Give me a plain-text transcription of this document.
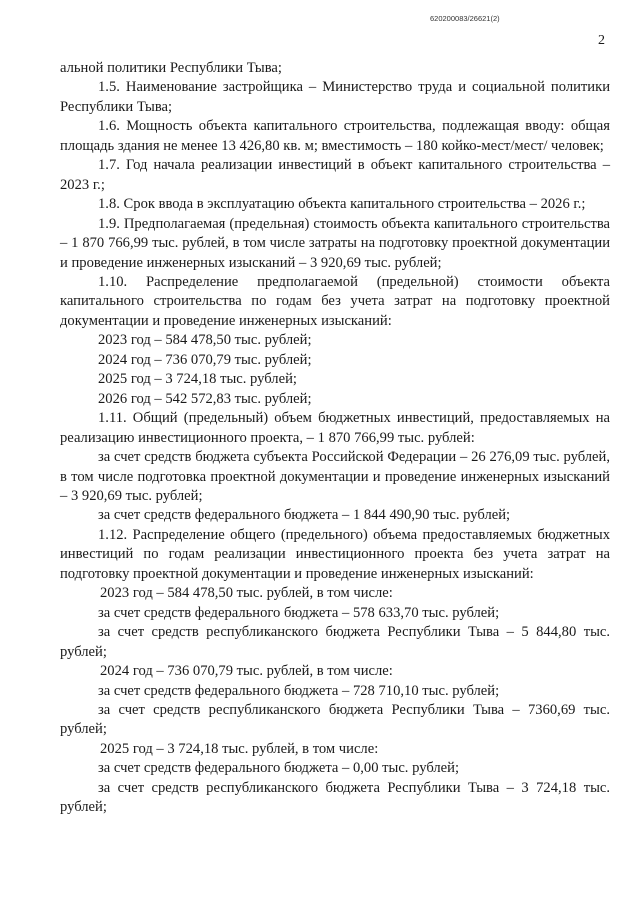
620200083/26621(2)
2

альной политики Республики Тыва;

1.5. Наименование застройщика – Министерство труда и социальной политики Республики Тыва;

1.6. Мощность объекта капитального строительства, подлежащая вводу: общая площадь здания не менее 13 426,80 кв. м; вместимость – 180 койко-мест/мест/ человек;

1.7. Год начала реализации инвестиций в объект капитального строительства – 2023 г.;

1.8. Срок ввода в эксплуатацию объекта капитального строительства – 2026 г.;

1.9. Предполагаемая (предельная) стоимость объекта капитального строительства – 1 870 766,99 тыс. рублей, в том числе затраты на подготовку проектной документации и проведение инженерных изысканий – 3 920,69 тыс. рублей;

1.10. Распределение предполагаемой (предельной) стоимости объекта капитального строительства по годам без учета затрат на подготовку проектной документации и проведение инженерных изысканий:

2023 год – 584 478,50 тыс. рублей;

2024 год – 736 070,79 тыс. рублей;

2025 год – 3 724,18 тыс. рублей;

2026 год – 542 572,83 тыс. рублей;

1.11. Общий (предельный) объем бюджетных инвестиций, предоставляемых на реализацию инвестиционного проекта, – 1 870 766,99 тыс. рублей:

за счет средств бюджета субъекта Российской Федерации – 26 276,09 тыс. рублей, в том числе подготовка проектной документации и проведение инженерных изысканий – 3 920,69 тыс. рублей;

за счет средств федерального бюджета – 1 844 490,90 тыс. рублей;

1.12. Распределение общего (предельного) объема предоставляемых бюджетных инвестиций по годам реализации инвестиционного проекта без учета затрат на подготовку проектной документации и проведение инженерных изысканий:

2023 год – 584 478,50 тыс. рублей, в том числе:

за счет средств федерального бюджета – 578 633,70 тыс. рублей;

за счет средств республиканского бюджета Республики Тыва – 5 844,80 тыс. рублей;

2024 год – 736 070,79 тыс. рублей, в том числе:

за счет средств федерального бюджета – 728 710,10 тыс. рублей;

за счет средств республиканского бюджета Республики Тыва – 7360,69 тыс. рублей;

2025 год – 3 724,18 тыс. рублей, в том числе:

за счет средств федерального бюджета – 0,00 тыс. рублей;

за счет средств республиканского бюджета Республики Тыва – 3 724,18 тыс. рублей;
